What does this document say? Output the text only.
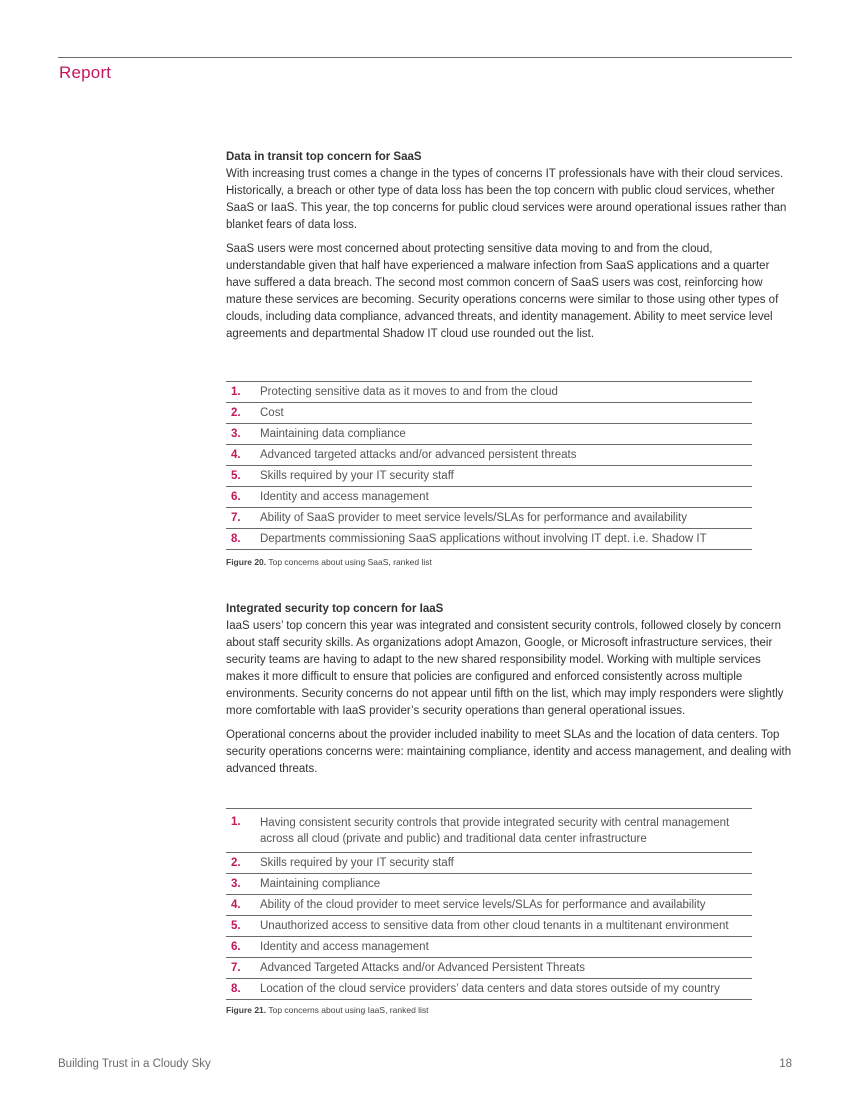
Report
Data in transit top concern for SaaS

With increasing trust comes a change in the types of concerns IT professionals have with their cloud services. Historically, a breach or other type of data loss has been the top concern with public cloud services, whether SaaS or IaaS. This year, the top concerns for public cloud services were around operational issues rather than blanket fears of data loss.

SaaS users were most concerned about protecting sensitive data moving to and from the cloud, understandable given that half have experienced a malware infection from SaaS applications and a quarter have suffered a data breach. The second most common concern of SaaS users was cost, reinforcing how mature these services are becoming. Security operations concerns were similar to those using other types of clouds, including data compliance, advanced threats, and identity management. Ability to meet service level agreements and departmental Shadow IT cloud use rounded out the list.

1.	Protecting sensitive data as it moves to and from the cloud
2.	Cost
3.	Maintaining data compliance
4.	Advanced targeted attacks and/or advanced persistent threats
5.	Skills required by your IT security staff
6.	Identity and access management
7.	Ability of SaaS provider to meet service levels/SLAs for performance and availability
8.	Departments commissioning SaaS applications without involving IT dept. i.e. Shadow IT
Figure 20. Top concerns about using SaaS, ranked list
Integrated security top concern for IaaS

IaaS users’ top concern this year was integrated and consistent security controls, followed closely by concern about staff security skills. As organizations adopt Amazon, Google, or Microsoft infrastructure services, their security teams are having to adapt to the new shared responsibility model. Working with multiple services makes it more difficult to ensure that policies are configured and enforced consistently across multiple environments. Security concerns do not appear until fifth on the list, which may imply responders were slightly more comfortable with IaaS provider’s security operations than general operational issues.

Operational concerns about the provider included inability to meet SLAs and the location of data centers. Top security operations concerns were: maintaining compliance, identity and access management, and dealing with advanced threats.

1.	Having consistent security controls that provide integrated security with central management across all cloud (private and public) and traditional data center infrastructure
2.	Skills required by your IT security staff
3.	Maintaining compliance
4.	Ability of the cloud provider to meet service levels/SLAs for performance and availability
5.	Unauthorized access to sensitive data from other cloud tenants in a multitenant environment
6.	Identity and access management
7.	Advanced Targeted Attacks and/or Advanced Persistent Threats
8.	Location of the cloud service providers’ data centers and data stores outside of my country
Figure 21. Top concerns about using IaaS, ranked list
Building Trust in a Cloudy Sky	18
